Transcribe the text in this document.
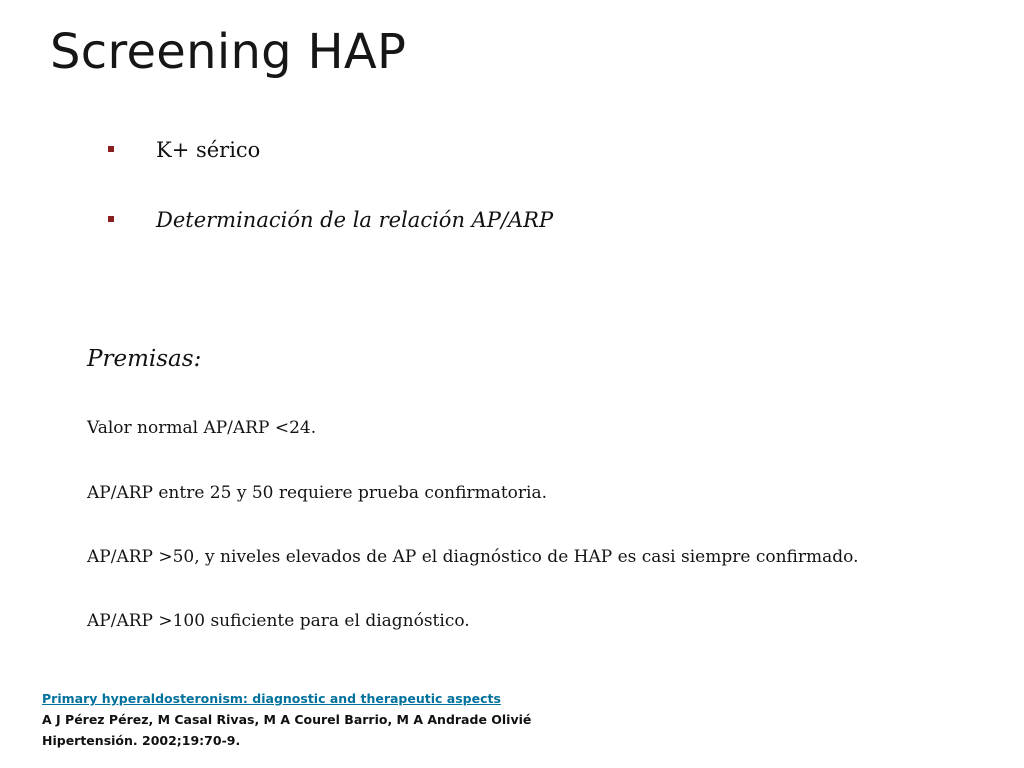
Screening HAP
K+ sérico
Determinación de la relación AP/ARP
Premisas:
Valor normal AP/ARP <24.
AP/ARP entre 25 y 50 requiere prueba confirmatoria.
AP/ARP >50, y niveles elevados de AP el diagnóstico de HAP es casi siempre confirmado.
AP/ARP >100 suficiente para el diagnóstico.
Primary hyperaldosteronism: diagnostic and therapeutic aspects
A J Pérez Pérez, M Casal Rivas, M A Courel Barrio, M A Andrade Olivié
Hipertensión. 2002;19:70-9.
